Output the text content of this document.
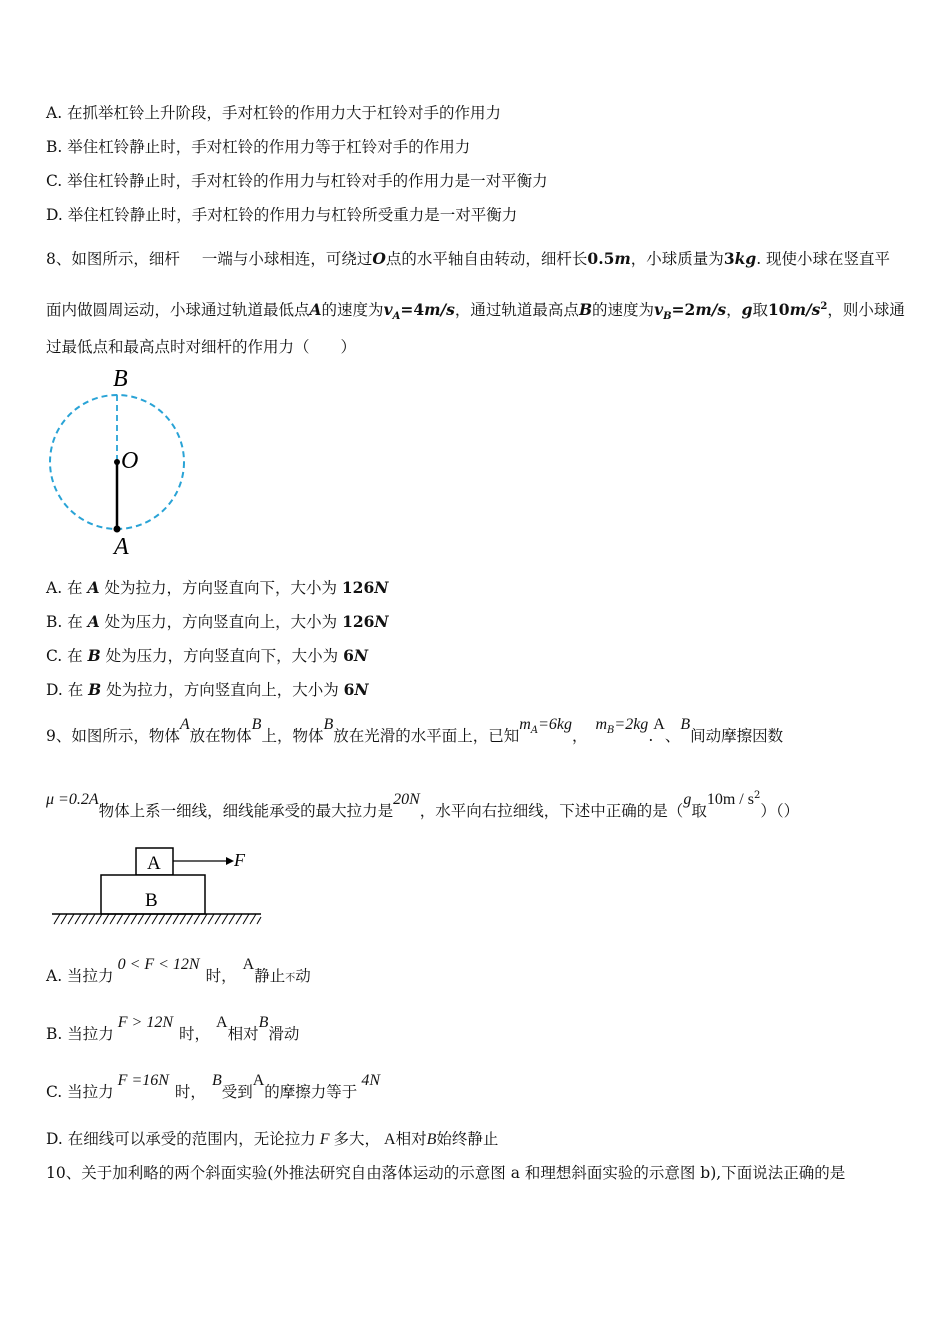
A. 在抓举杠铃上升阶段，手对杠铃的作用力大于杠铃对手的作用力
B. 举住杠铃静止时，手对杠铃的作用力等于杠铃对手的作用力
C. 举住杠铃静止时，手对杠铃的作用力与杠铃对手的作用力是一对平衡力
D. 举住杠铃静止时，手对杠铃的作用力与杠铃所受重力是一对平衡力
8、如图所示，细杆 一端与小球相连，可绕过O点的水平轴自由转动，细杆长0.5m，小球质量为3kg. 现使小球在竖直平
面内做圆周运动，小球通过轨道最低点A的速度为$v_A=4m/s$，通过轨道最高点B的速度为$v_B=2m/s$，g取$10m/s^2$，则小球通
过最低点和最高点时对细杆的作用力（　　）
B
O
A
A. 在 A 处为拉力，方向竖直向下，大小为 126N
B. 在 A 处为压力，方向竖直向上，大小为 126N
C. 在 B 处为压力，方向竖直向下，大小为 6N
D. 在 B 处为拉力，方向竖直向上，大小为 6N
9、如图所示，物体A放在物体B上，物体B放在光滑的水平面上，已知$m_A=6kg$，$m_B=2kg.A$、B间动摩擦因数
μ =0.2A物体上系一细线，细线能承受的最大拉力是20N，水平向右拉细线，下述中正确的是（g取$10m / s^2)()$
A	F
B
A. 当拉力0 < F < 12N时，A静止不动
B. 当拉力F > 12N时，A相对B滑动
C. 当拉力F =16N时，B受到A的摩擦力等于4N
D. 在细线可以承受的范围内，无论拉力 F 多大， A相对B始终静止
10、关于加利略的两个斜面实验(外推法研究自由落体运动的示意图 a 和理想斜面实验的示意图 b),下面说法正确的是
